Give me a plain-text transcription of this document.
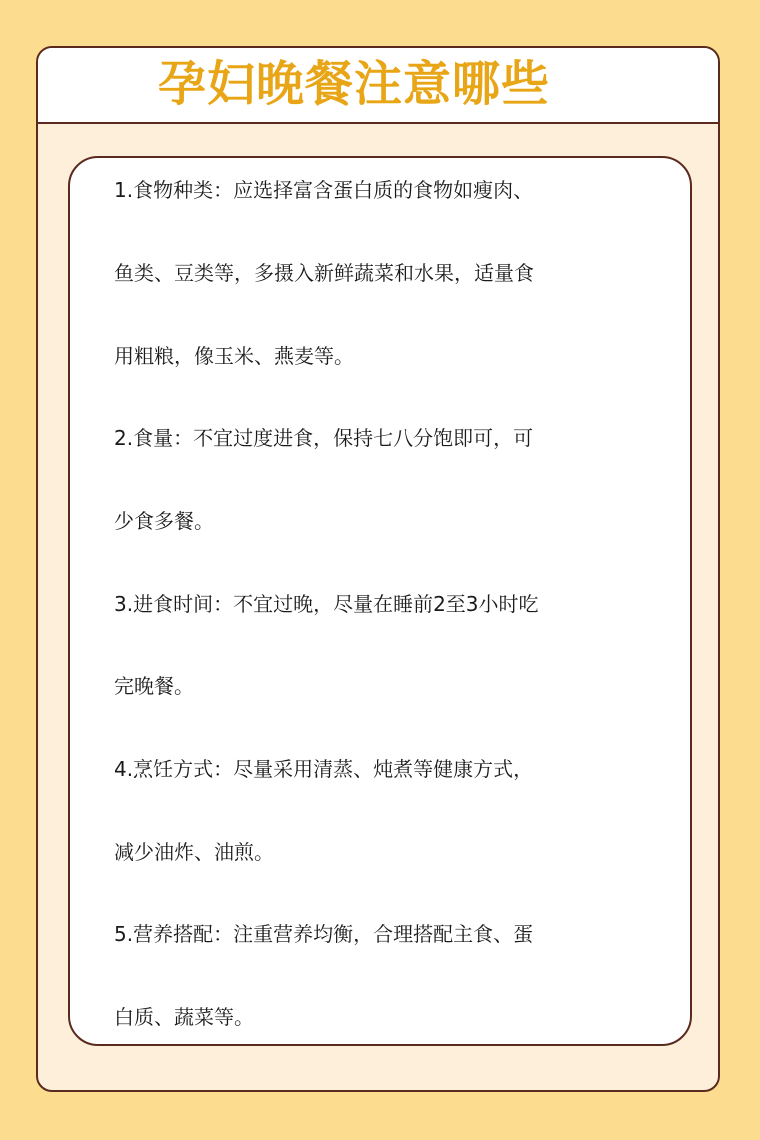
孕妇晚餐注意哪些
1.食物种类：应选择富含蛋白质的食物如瘦肉、
鱼类、豆类等，多摄入新鲜蔬菜和水果，适量食
用粗粮，像玉米、燕麦等。
2.食量：不宜过度进食，保持七八分饱即可，可
少食多餐。
3.进食时间：不宜过晚，尽量在睡前2至3小时吃
完晚餐。
4.烹饪方式：尽量采用清蒸、炖煮等健康方式，
减少油炸、油煎。
5.营养搭配：注重营养均衡，合理搭配主食、蛋
白质、蔬菜等。
